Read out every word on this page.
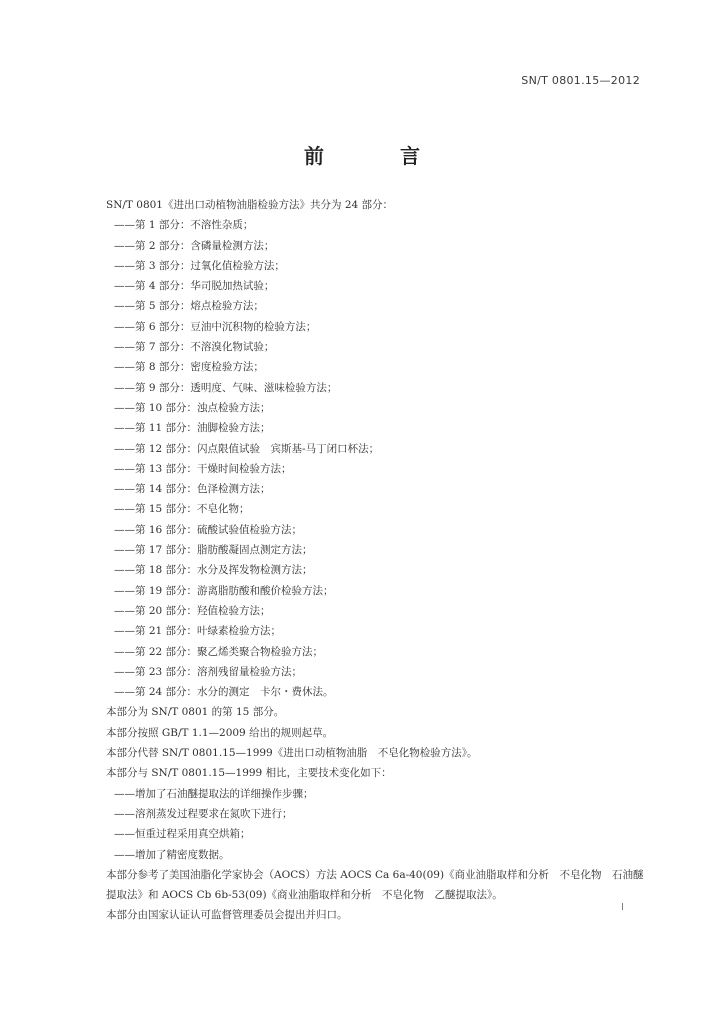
SN/T 0801.15—2012
前　言
SN/T 0801《进出口动植物油脂检验方法》共分为 24 部分：
——第 1 部分：不溶性杂质；
——第 2 部分：含磷量检测方法；
——第 3 部分：过氧化值检验方法；
——第 4 部分：华司脱加热试验；
——第 5 部分：熔点检验方法；
——第 6 部分：豆油中沉积物的检验方法；
——第 7 部分：不溶溴化物试验；
——第 8 部分：密度检验方法；
——第 9 部分：透明度、气味、滋味检验方法；
——第 10 部分：浊点检验方法；
——第 11 部分：油脚检验方法；
——第 12 部分：闪点限值试验　宾斯基-马丁闭口杯法；
——第 13 部分：干燥时间检验方法；
——第 14 部分：色泽检测方法；
——第 15 部分：不皂化物；
——第 16 部分：硫酸试验值检验方法；
——第 17 部分：脂肪酸凝固点测定方法；
——第 18 部分：水分及挥发物检测方法；
——第 19 部分：游离脂肪酸和酸价检验方法；
——第 20 部分：羟值检验方法；
——第 21 部分：叶绿素检验方法；
——第 22 部分：聚乙烯类聚合物检验方法；
——第 23 部分：溶剂残留量检验方法；
——第 24 部分：水分的测定　卡尔・费休法。
本部分为 SN/T 0801 的第 15 部分。
本部分按照 GB/T 1.1—2009 给出的规则起草。
本部分代替 SN/T 0801.15—1999《进出口动植物油脂　不皂化物检验方法》。
本部分与 SN/T 0801.15—1999 相比，主要技术变化如下：
——增加了石油醚提取法的详细操作步骤；
——溶剂蒸发过程要求在氮吹下进行；
——恒重过程采用真空烘箱；
——增加了精密度数据。
本部分参考了美国油脂化学家协会（AOCS）方法 AOCS Ca 6a-40(09)《商业油脂取样和分析　不皂化物　石油醚提取法》和 AOCS Cb 6b-53(09)《商业油脂取样和分析　不皂化物　乙醚提取法》。
本部分由国家认证认可监督管理委员会提出并归口。
I
